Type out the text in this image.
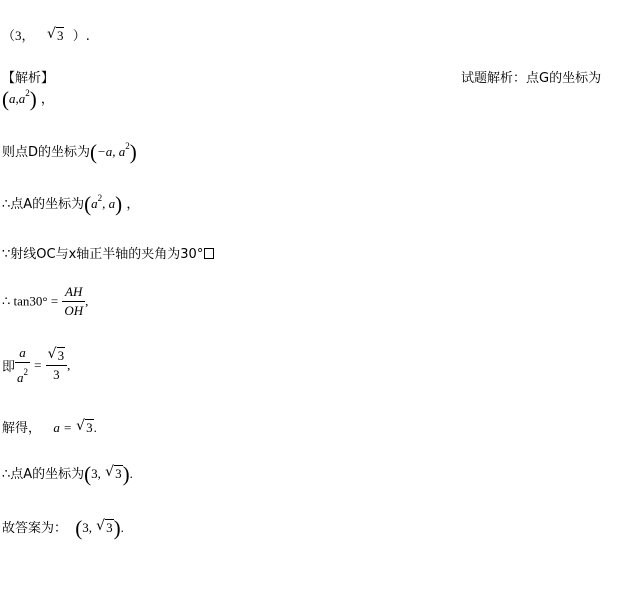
（3， √ 3 ）.
【解析】	试题解析：点G的坐标为
$(a,a^2)$ ，
则点D的坐标为(−a, $a^2$)
∴点A的坐标为($a^2$, a) ，
∵射线OC与x轴正半轴的夹角为30°
∴ $\tan 30^\circ = \frac{AH}{OH}$ ,
即 $\frac{a}{a^2} = \frac{√ 3}{3}$ ,
解得， a = √ 3.
∴点A的坐标为(3, √ 3).
故答案为： (3, √ 3).
